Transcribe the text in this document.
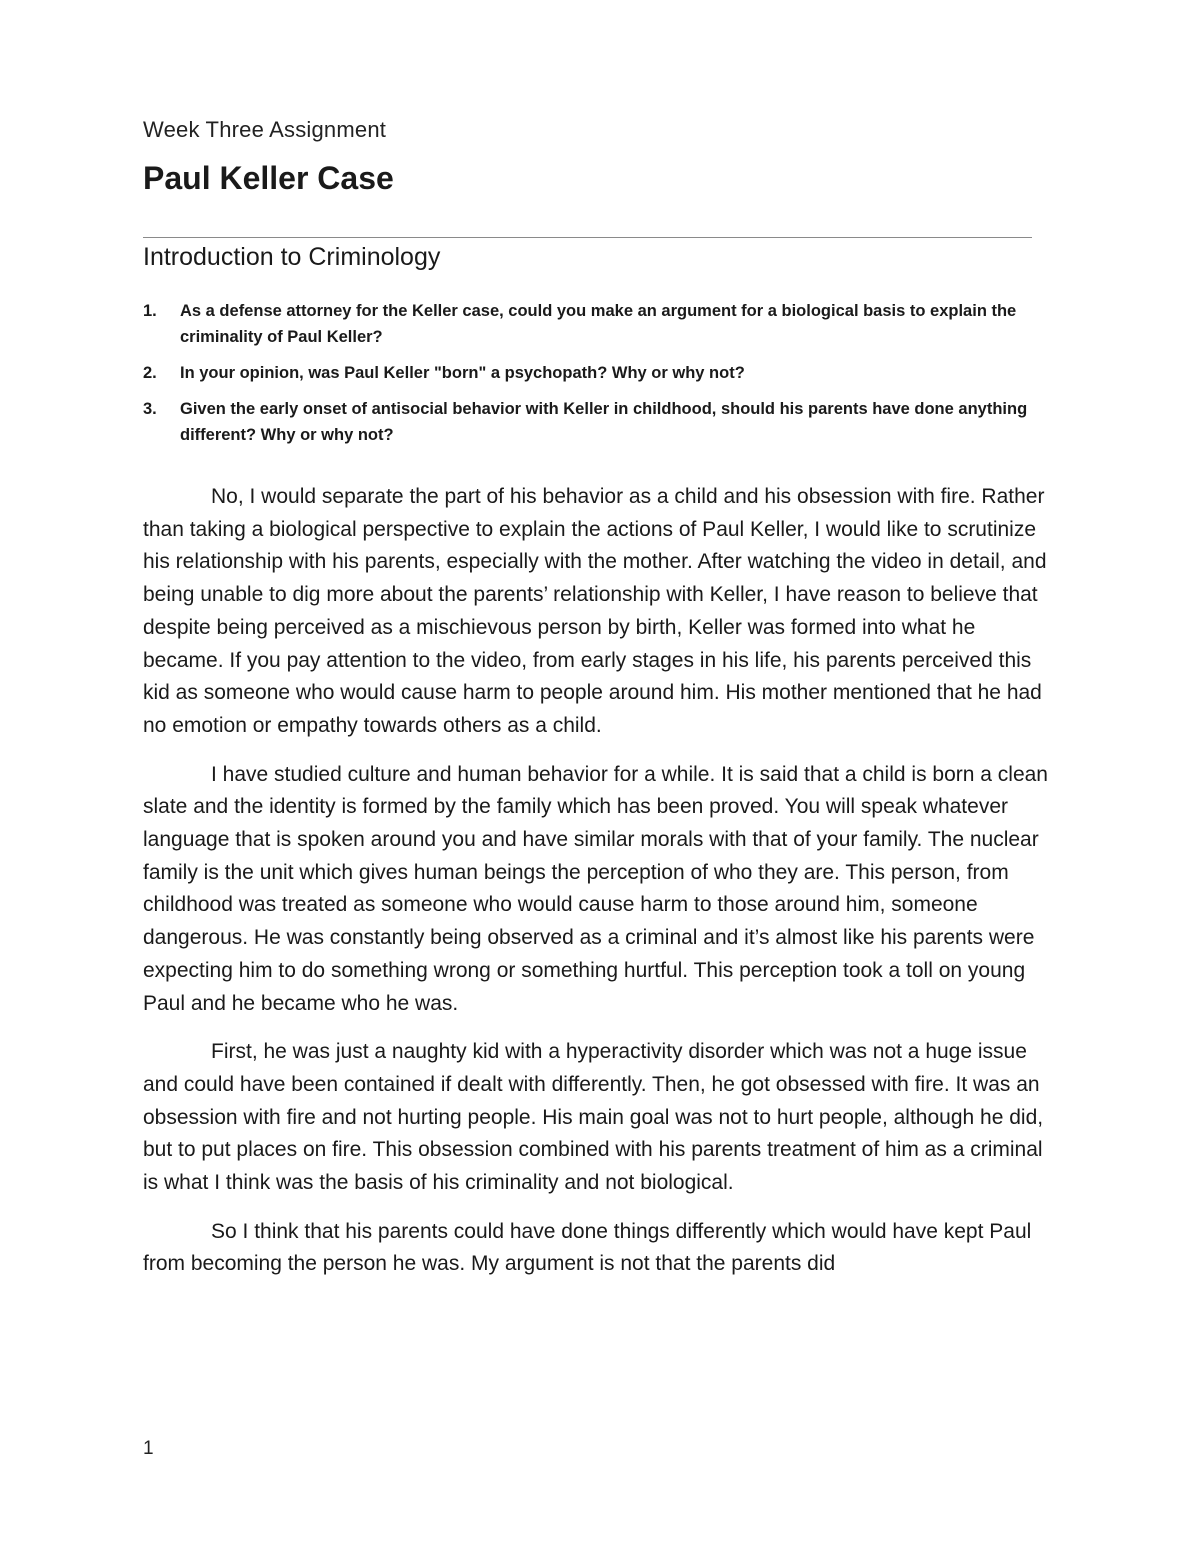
Week Three Assignment
Paul Keller Case
Introduction to Criminology
1. As a defense attorney for the Keller case, could you make an argument for a biological basis to explain the criminality of Paul Keller?
2. In your opinion, was Paul Keller "born" a psychopath? Why or why not?
3. Given the early onset of antisocial behavior with Keller in childhood, should his parents have done anything different? Why or why not?

No, I would separate the part of his behavior as a child and his obsession with fire. Rather than taking a biological perspective to explain the actions of Paul Keller, I would like to scrutinize his relationship with his parents, especially with the mother. After watching the video in detail, and being unable to dig more about the parents’ relationship with Keller, I have reason to believe that despite being perceived as a mischievous person by birth, Keller was formed into what he became. If you pay attention to the video, from early stages in his life, his parents perceived this kid as someone who would cause harm to people around him. His mother mentioned that he had no emotion or empathy towards others as a child.

I have studied culture and human behavior for a while. It is said that a child is born a clean slate and the identity is formed by the family which has been proved. You will speak whatever language that is spoken around you and have similar morals with that of your family. The nuclear family is the unit which gives human beings the perception of who they are. This person, from childhood was treated as someone who would cause harm to those around him, someone dangerous. He was constantly being observed as a criminal and it’s almost like his parents were expecting him to do something wrong or something hurtful. This perception took a toll on young Paul and he became who he was.

First, he was just a naughty kid with a hyperactivity disorder which was not a huge issue and could have been contained if dealt with differently. Then, he got obsessed with fire. It was an obsession with fire and not hurting people. His main goal was not to hurt people, although he did, but to put places on fire. This obsession combined with his parents treatment of him as a criminal is what I think was the basis of his criminality and not biological.

So I think that his parents could have done things differently which would have kept Paul from becoming the person he was. My argument is not that the parents did

1
